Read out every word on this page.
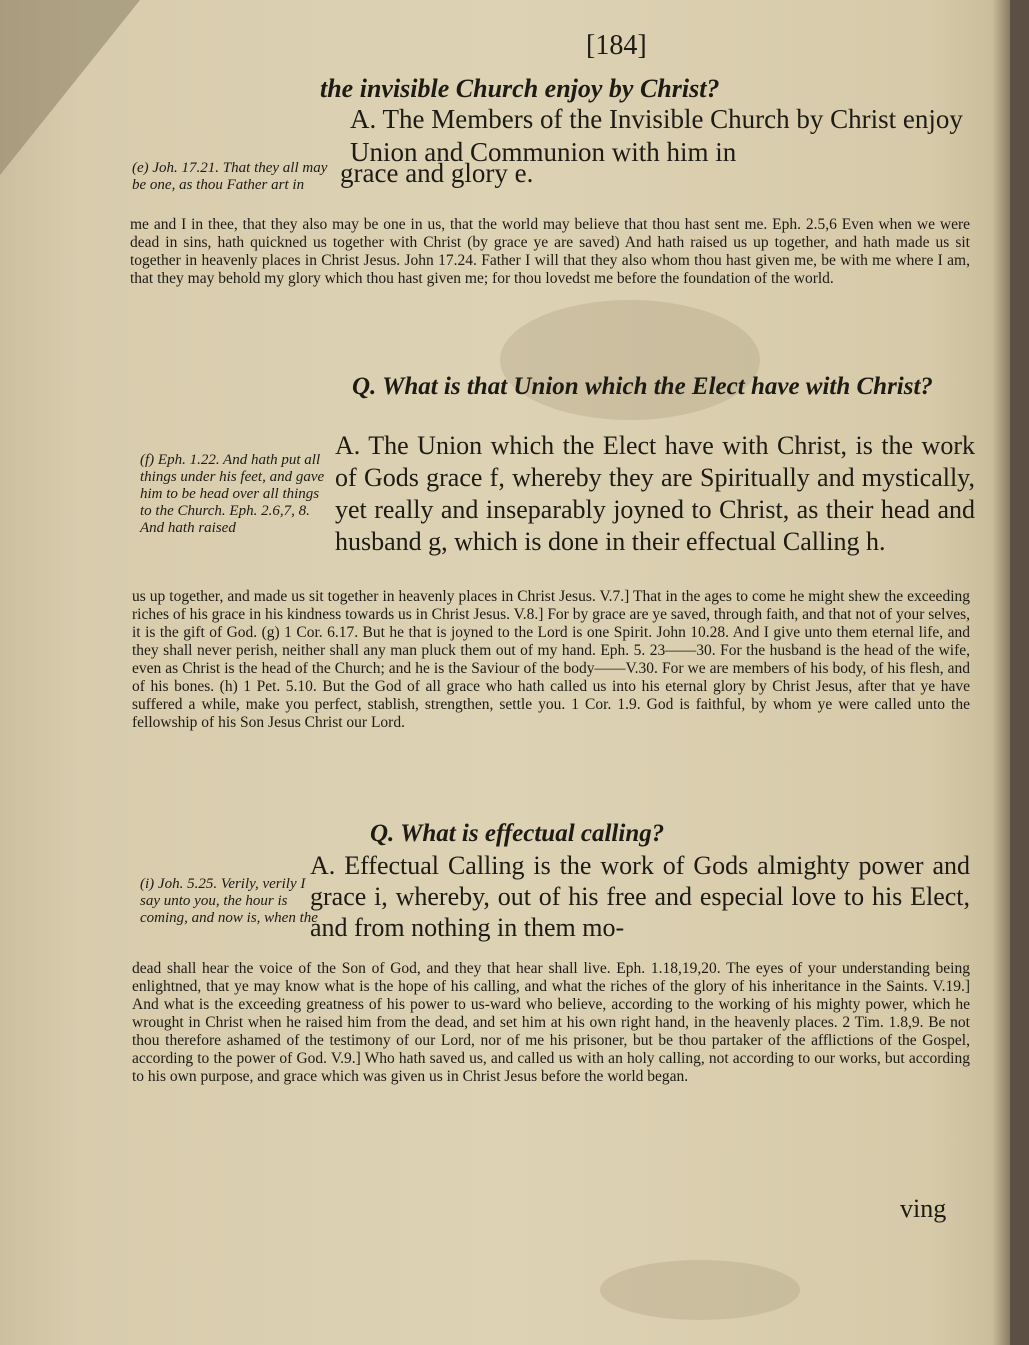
[184]
the invisible Church enjoy by Christ?
A. The Members of the Invisible Church by Christ enjoy Union and Communion with him in
grace and glory e.
(e) Joh. 17.21. That they all may be one, as thou Father art in
me and I in thee, that they also may be one in us, that the world may believe that thou hast sent me. Eph. 2.5,6 Even when we were dead in sins, hath quickned us together with Christ (by grace ye are saved) And hath raised us up together, and hath made us sit together in heavenly places in Christ Jesus. John 17.24. Father I will that they also whom thou hast given me, be with me where I am, that they may behold my glory which thou hast given me; for thou lovedst me before the foundation of the world.
Q. What is that Union which the Elect have with Christ?
A. The Union which the Elect have with Christ, is the work of Gods grace f, whereby they are Spiritually and mystically, yet really and inseparably joyned to Christ, as their head and husband g, which is done in their effectual Calling h.
(f) Eph. 1.22. And hath put all things under his feet, and gave him to be head over all things to the Church. Eph. 2.6,7, 8. And hath raised
us up together, and made us sit together in heavenly places in Christ Jesus. V.7.] That in the ages to come he might shew the exceeding riches of his grace in his kindness towards us in Christ Jesus. V.8.] For by grace are ye saved, through faith, and that not of your selves, it is the gift of God. (g) 1 Cor. 6.17. But he that is joyned to the Lord is one Spirit. John 10.28. And I give unto them eternal life, and they shall never perish, neither shall any man pluck them out of my hand. Eph. 5. 23——30. For the husband is the head of the wife, even as Christ is the head of the Church; and he is the Saviour of the body——V.30. For we are members of his body, of his flesh, and of his bones. (h) 1 Pet. 5.10. But the God of all grace who hath called us into his eternal glory by Christ Jesus, after that ye have suffered a while, make you perfect, stablish, strengthen, settle you. 1 Cor. 1.9. God is faithful, by whom ye were called unto the fellowship of his Son Jesus Christ our Lord.
Q. What is effectual calling?
A. Effectual Calling is the work of Gods almighty power and grace i, whereby, out of his free and especial love to his Elect, and from nothing in them mo-
(i) Joh. 5.25. Verily, verily I say unto you, the hour is coming, and now is, when the
dead shall hear the voice of the Son of God, and they that hear shall live. Eph. 1.18,19,20. The eyes of your understanding being enlightned, that ye may know what is the hope of his calling, and what the riches of the glory of his inheritance in the Saints. V.19.] And what is the exceeding greatness of his power to us-ward who believe, according to the working of his mighty power, which he wrought in Christ when he raised him from the dead, and set him at his own right hand, in the heavenly places. 2 Tim. 1.8,9. Be not thou therefore ashamed of the testimony of our Lord, nor of me his prisoner, but be thou partaker of the afflictions of the Gospel, according to the power of God. V.9.] Who hath saved us, and called us with an holy calling, not according to our works, but according to his own purpose, and grace which was given us in Christ Jesus before the world began.
ving
